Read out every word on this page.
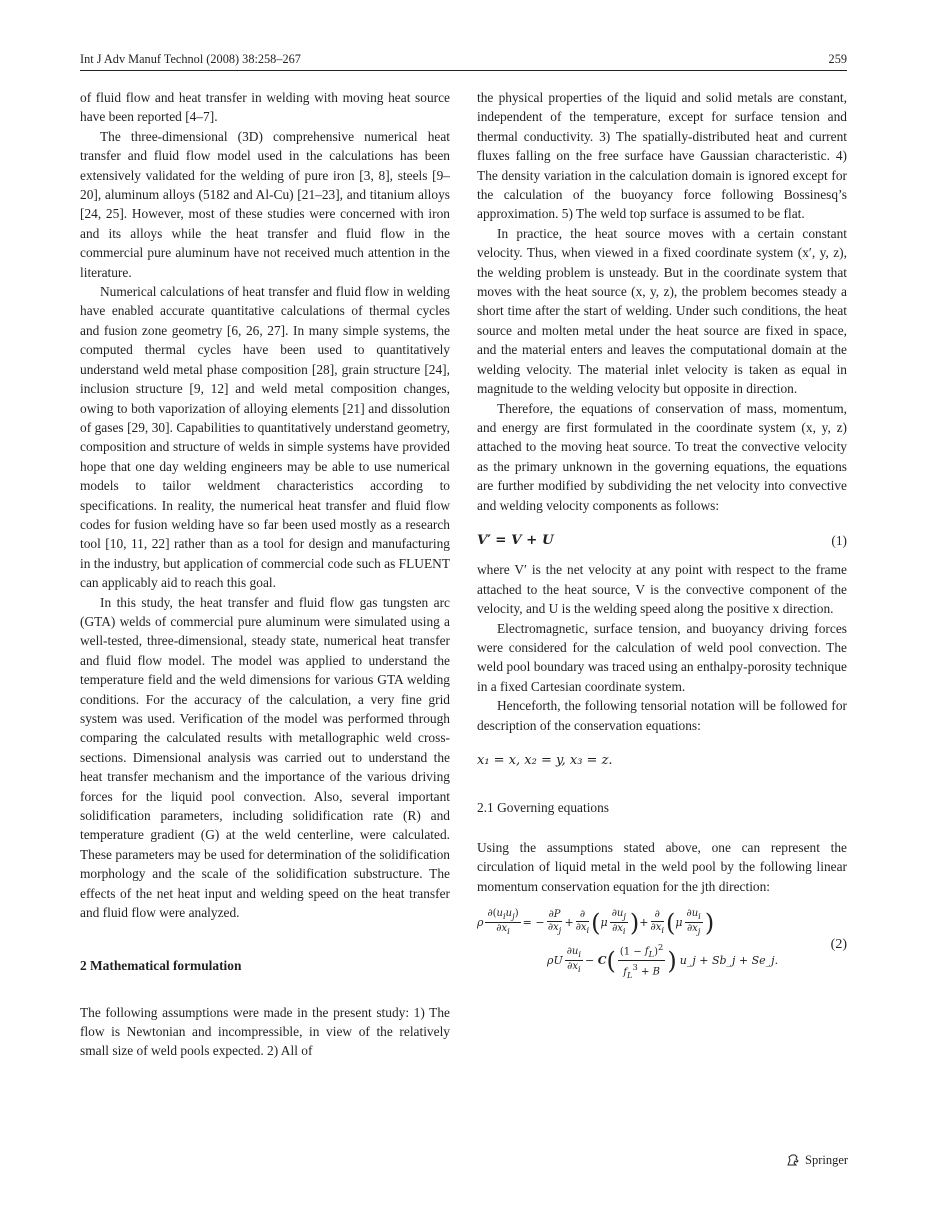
Int J Adv Manuf Technol (2008) 38:258–267	259

of fluid flow and heat transfer in welding with moving heat source have been reported [4–7].

The three-dimensional (3D) comprehensive numerical heat transfer and fluid flow model used in the calculations has been extensively validated for the welding of pure iron [3, 8], steels [9–20], aluminum alloys (5182 and Al-Cu) [21–23], and titanium alloys [24, 25]. However, most of these studies were concerned with iron and its alloys while the heat transfer and fluid flow in the commercial pure aluminum have not received much attention in the literature.

Numerical calculations of heat transfer and fluid flow in welding have enabled accurate quantitative calculations of thermal cycles and fusion zone geometry [6, 26, 27]. In many simple systems, the computed thermal cycles have been used to quantitatively understand weld metal phase composition [28], grain structure [24], inclusion structure [9, 12] and weld metal composition changes, owing to both vaporization of alloying elements [21] and dissolution of gases [29, 30]. Capabilities to quantitatively understand geometry, composition and structure of welds in simple systems have provided hope that one day welding engineers may be able to use numerical models to tailor weldment characteristics according to specifications. In reality, the numerical heat transfer and fluid flow codes for fusion welding have so far been used mostly as a research tool [10, 11, 22] rather than as a tool for design and manufacturing in the industry, but application of commercial code such as FLUENT can applicably aid to reach this goal.

In this study, the heat transfer and fluid flow gas tungsten arc (GTA) welds of commercial pure aluminum were simulated using a well-tested, three-dimensional, steady state, numerical heat transfer and fluid flow model. The model was applied to understand the temperature field and the weld dimensions for various GTA welding conditions. For the accuracy of the calculation, a very fine grid system was used. Verification of the model was performed through comparing the calculated results with metallographic weld cross-sections. Dimensional analysis was carried out to understand the heat transfer mechanism and the importance of the various driving forces for the liquid pool convection. Also, several important solidification parameters, including solidification rate (R) and temperature gradient (G) at the weld centerline, were calculated. These parameters may be used for determination of the solidification morphology and the scale of the solidification substructure. The effects of the net heat input and welding speed on the heat transfer and fluid flow were analyzed.

2 Mathematical formulation

The following assumptions were made in the present study: 1) The flow is Newtonian and incompressible, in view of the relatively small size of weld pools expected. 2) All of

the physical properties of the liquid and solid metals are constant, independent of the temperature, except for surface tension and thermal conductivity. 3) The spatially-distributed heat and current fluxes falling on the free surface have Gaussian characteristic. 4) The density variation in the calculation domain is ignored except for the calculation of the buoyancy force following Bossinesq’s approximation. 5) The weld top surface is assumed to be flat.

In practice, the heat source moves with a certain constant velocity. Thus, when viewed in a fixed coordinate system (x′, y, z), the welding problem is unsteady. But in the coordinate system that moves with the heat source (x, y, z), the problem becomes steady a short time after the start of welding. Under such conditions, the heat source and molten metal under the heat source are fixed in space, and the material enters and leaves the computational domain at the welding velocity. The material inlet velocity is taken as equal in magnitude to the welding velocity but opposite in direction.

Therefore, the equations of conservation of mass, momentum, and energy are first formulated in the coordinate system (x, y, z) attached to the moving heat source. To treat the convective velocity as the primary unknown in the governing equations, the equations are further modified by subdividing the net velocity into convective and welding velocity components as follows:

V′ = V + U	(1)

where V′ is the net velocity at any point with respect to the frame attached to the heat source, V is the convective component of the velocity, and U is the welding speed along the positive x direction.

Electromagnetic, surface tension, and buoyancy driving forces were considered for the calculation of weld pool convection. The weld pool boundary was traced using an enthalpy-porosity technique in a fixed Cartesian coordinate system.

Henceforth, the following tensorial notation will be followed for description of the conservation equations:

x₁ = x, x₂ = y, x₃ = z.
2.1 Governing equations

Using the assumptions stated above, one can represent the circulation of liquid metal in the weld pool by the following linear momentum conservation equation for the jth direction:

ρ $\frac{\partial(u_iu_j)}{\partial x_i}$ = − $\frac{\partial P}{\partial x_j} + \frac{\partial}{\partial x_i}$ ( μ $\frac{\partial u_j}{\partial x_i}$ ) + $\frac{\partial}{\partial x_i}$ ( μ $\frac{\partial u_i}{\partial x_j}$ )
ρU $\frac{\partial u_i}{\partial x_i} - C$ ( $\frac{(1 - f_L)^2}{f_L^3 + B}$ ) u_j + Sb_j + Se_j.
(2)
Springer
